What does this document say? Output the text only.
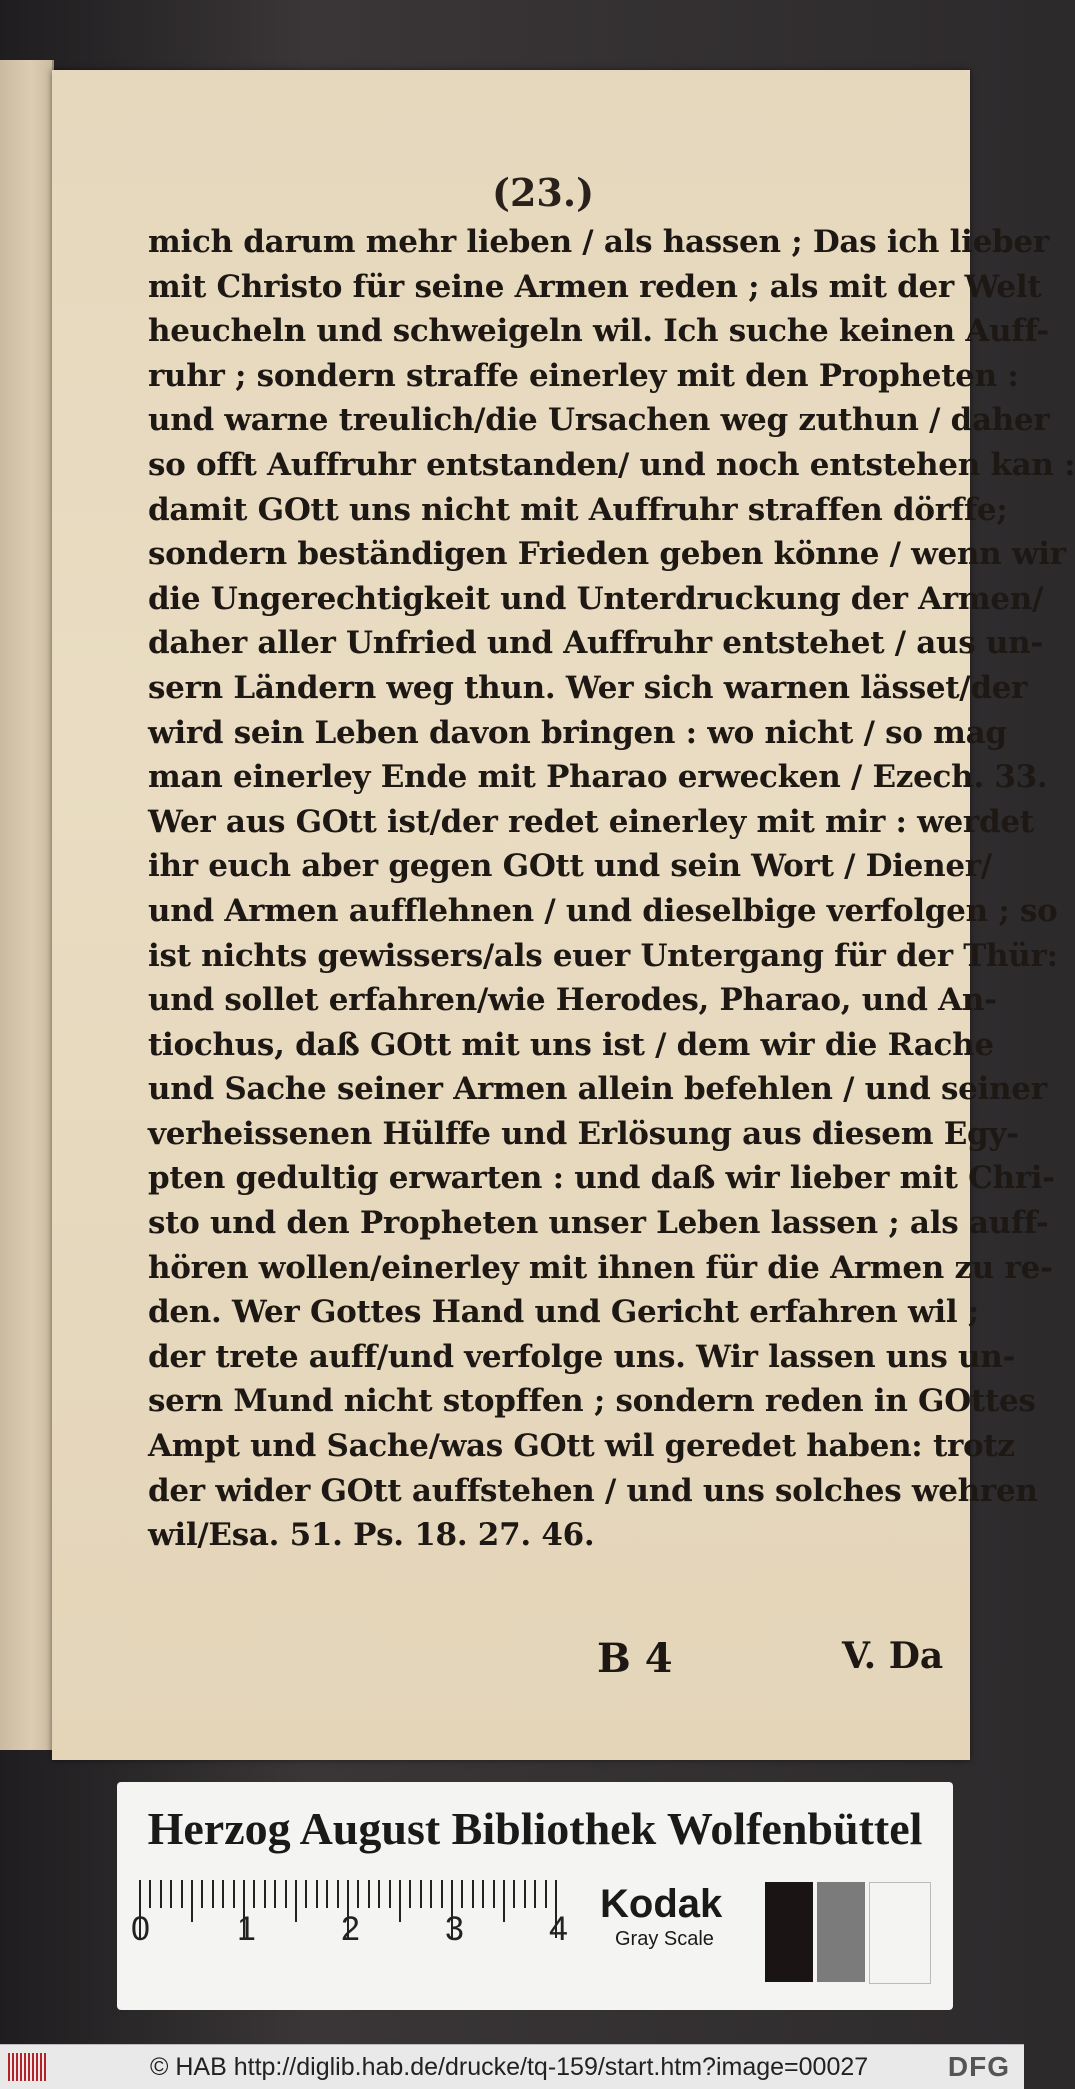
(23.)
mich darum mehr lieben / als hassen ; Das ich lieber
mit Christo für seine Armen reden ; als mit der Welt
heucheln und schweigeln wil. Ich suche keinen Auff-
ruhr ; sondern straffe einerley mit den Propheten :
und warne treulich/die Ursachen weg zuthun / daher
so offt Auffruhr entstanden/ und noch entstehen kan :
damit GOtt uns nicht mit Auffruhr straffen dörffe;
sondern beständigen Frieden geben könne / wenn wir
die Ungerechtigkeit und Unterdruckung der Armen/
daher aller Unfried und Auffruhr entstehet / aus un-
sern Ländern weg thun. Wer sich warnen lässet/der
wird sein Leben davon bringen : wo nicht / so mag
man einerley Ende mit Pharao erwecken / Ezech. 33.
Wer aus GOtt ist/der redet einerley mit mir : werdet
ihr euch aber gegen GOtt und sein Wort / Diener/
und Armen aufflehnen / und dieselbige verfolgen ; so
ist nichts gewissers/als euer Untergang für der Thür:
und sollet erfahren/wie Herodes, Pharao, und An-
tiochus, daß GOtt mit uns ist / dem wir die Rache
und Sache seiner Armen allein befehlen / und seiner
verheissenen Hülffe und Erlösung aus diesem Egy-
pten gedultig erwarten : und daß wir lieber mit Chri-
sto und den Propheten unser Leben lassen ; als auff-
hören wollen/einerley mit ihnen für die Armen zu re-
den. Wer Gottes Hand und Gericht erfahren wil ;
der trete auff/und verfolge uns. Wir lassen uns un-
sern Mund nicht stopffen ; sondern reden in GOttes
Ampt und Sache/was GOtt wil geredet haben: trotz
der wider GOtt auffstehen / und uns solches wehren
wil/Esa. 51. Ps. 18. 27. 46.
B 4	V. Da
Herzog August Bibliothek Wolfenbüttel
0	1	2	3	4
Kodak
Gray Scale
© HAB http://diglib.hab.de/drucke/tq-159/start.htm?image=00027	DFG
